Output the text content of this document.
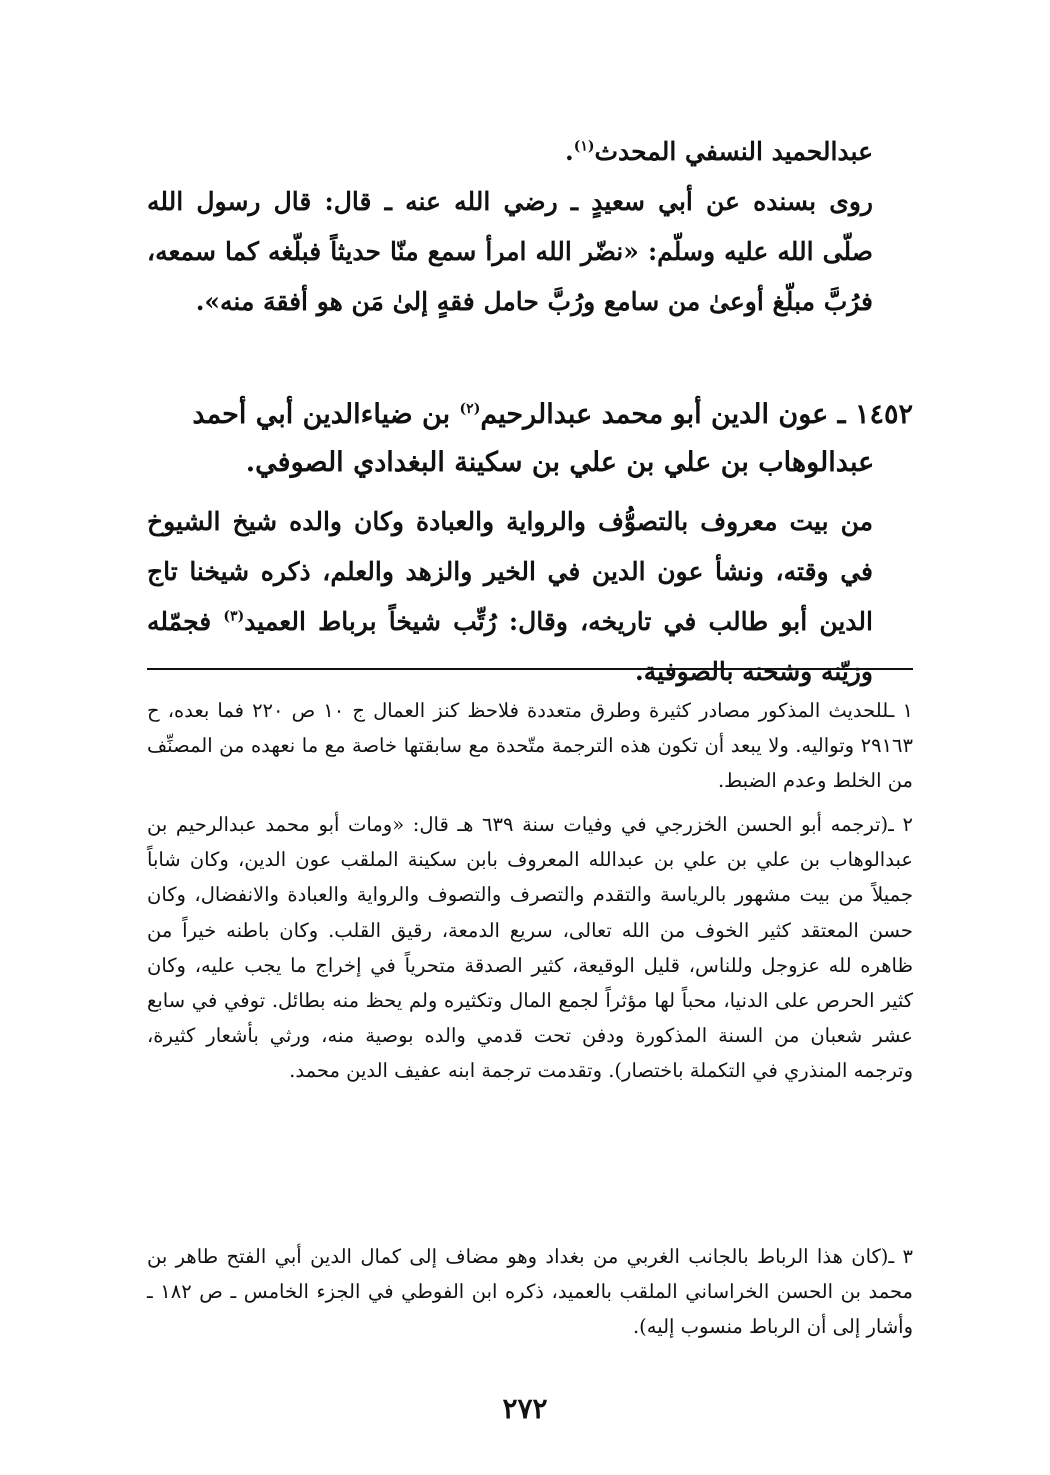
عبدالحميد النسفي المحدث$^{(١)}$.
روى بسنده عن أبي سعيدٍ ـ رضي الله عنه ـ قال: قال رسول الله صلّى الله عليه وسلّم: «نضّر الله امرأ سمع منّا حديثاً فبلّغه كما سمعه، فرُبَّ مبلّغ أوعىٰ من سامع ورُبَّ حامل فقهٍ إلىٰ مَن هو أفقهَ منه».
١٤٥٢ ـ عون الدين أبو محمد عبدالرحيم$^{(٢)}$ بن ضياءالدين أبي أحمد
عبدالوهاب بن علي بن علي بن سكينة البغدادي الصوفي.
من بيت معروف بالتصوُّف والرواية والعبادة وكان والده شيخ الشيوخ في وقته، ونشأ عون الدين في الخير والزهد والعلم، ذكره شيخنا تاج الدين أبو طالب في تاريخه، وقال: رُتِّب شيخاً برباط العميد$^{(٣)}$ فجمّله وزيّنه وشحنه بالصوفية.
١ ـللحديث المذكور مصادر كثيرة وطرق متعددة فلاحظ كنز العمال ج ١٠ ص ٢٢٠ فما بعده، ح ٢٩١٦٣ وتواليه. ولا يبعد أن تكون هذه الترجمة متّحدة مع سابقتها خاصة مع ما نعهده من المصنِّف من الخلط وعدم الضبط.
٢ ـ(ترجمه أبو الحسن الخزرجي في وفيات سنة ٦٣٩ هـ قال: «ومات أبو محمد عبدالرحيم بن عبدالوهاب بن علي بن علي بن عبدالله المعروف بابن سكينة الملقب عون الدين، وكان شاباً جميلاً من بيت مشهور بالرياسة والتقدم والتصرف والتصوف والرواية والعبادة والانفضال، وكان حسن المعتقد كثير الخوف من الله تعالى، سريع الدمعة، رقيق القلب. وكان باطنه خيراً من ظاهره لله عزوجل وللناس، قليل الوقيعة، كثير الصدقة متحرياً في إخراج ما يجب عليه، وكان كثير الحرص على الدنيا، محباً لها مؤثراً لجمع المال وتكثيره ولم يحظ منه بطائل. توفي في سابع عشر شعبان من السنة المذكورة ودفن تحت قدمي والده بوصية منه، ورثي بأشعار كثيرة، وترجمه المنذري في التكملة باختصار). وتقدمت ترجمة ابنه عفيف الدين محمد.
٣ ـ(كان هذا الرباط بالجانب الغربي من بغداد وهو مضاف إلى كمال الدين أبي الفتح طاهر بن محمد بن الحسن الخراساني الملقب بالعميد، ذكره ابن الفوطي في الجزء الخامس ـ ص ١٨٢ ـ وأشار إلى أن الرباط منسوب إليه).
٢٧٢
